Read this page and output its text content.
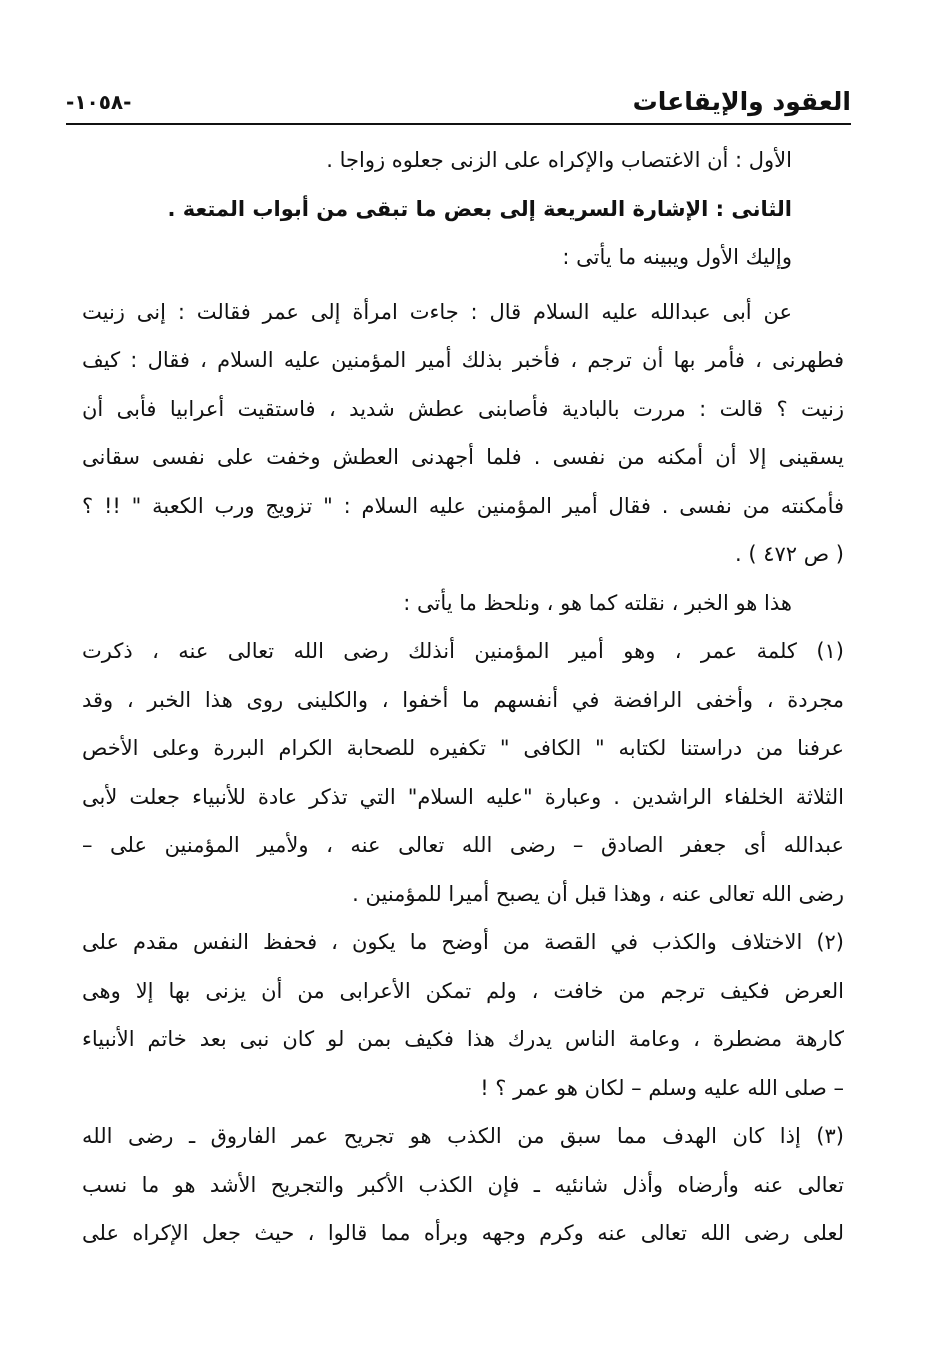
العقود والإيقاعات
-١٠٥٨-
الأول : أن الاغتصاب والإكراه على الزنى جعلوه زواجا .
الثانى : الإشارة السريعة إلى بعض ما تبقى من أبواب المتعة .
وإليك الأول ويبينه ما يأتى :
عن أبى عبدالله عليه السلام قال : جاءت امرأة إلى عمر فقالت : إنى زنيت
فطهرنى ، فأمر بها أن ترجم ، فأخبر بذلك أمير المؤمنين عليه السلام ، فقال : كيف
زنيت ؟ قالت : مررت بالبادية فأصابنى عطش شديد ، فاستقيت أعرابيا فأبى أن
يسقينى إلا أن أمكنه من نفسى . فلما أجهدنى العطش وخفت على نفسى سقانى
فأمكنته من نفسى . فقال أمير المؤمنين عليه السلام : " تزويج ورب الكعبة " !! ؟
( ص ٤٧٢ ) .
هذا هو الخبر ، نقلته كما هو ، ونلحظ ما يأتى :
(١) كلمة عمر ، وهو أمير المؤمنين أنذلك رضى الله تعالى عنه ، ذكرت
مجردة ، وأخفى الرافضة في أنفسهم ما أخفوا ، والكلينى روى هذا الخبر ، وقد
عرفنا من دراستنا لكتابه " الكافى " تكفيره للصحابة الكرام البررة وعلى الأخص
الثلاثة الخلفاء الراشدين . وعبارة "عليه السلام" التي تذكر عادة للأنبياء جعلت لأبى
عبدالله أى جعفر الصادق – رضى الله تعالى عنه ، ولأمير المؤمنين على –
رضى الله تعالى عنه ، وهذا قبل أن يصبح أميرا للمؤمنين .
(٢) الاختلاف والكذب في القصة من أوضح ما يكون ، فحفظ النفس مقدم على
العرض فكيف ترجم من خافت ، ولم تمكن الأعرابى من أن يزنى بها إلا وهى
كارهة مضطرة ، وعامة الناس يدرك هذا فكيف بمن لو كان نبى بعد خاتم الأنبياء
– صلى الله عليه وسلم – لكان هو عمر ؟ !
(٣) إذا كان الهدف مما سبق من الكذب هو تجريح عمر الفاروق ـ رضى الله
تعالى عنه وأرضاه وأذل شانئيه ـ فإن الكذب الأكبر والتجريح الأشد هو ما نسب
لعلى رضى الله تعالى عنه وكرم وجهه وبرأه مما قالوا ، حيث جعل الإكراه على
